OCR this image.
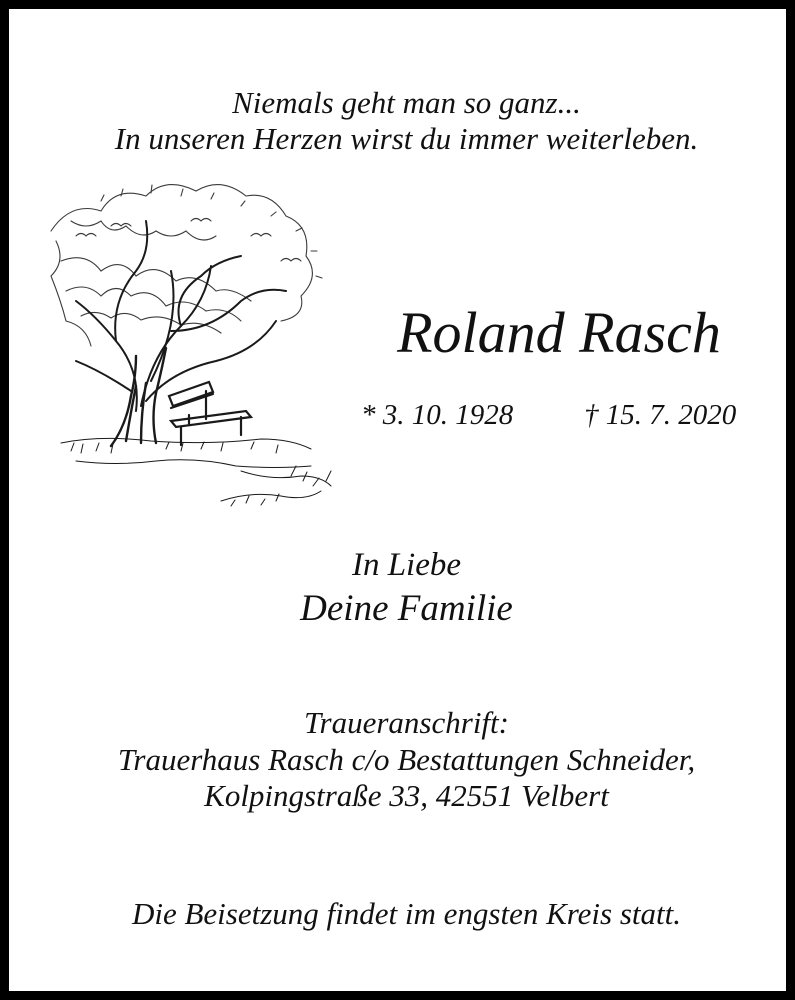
Niemals geht man so ganz...
In unseren Herzen wirst du immer weiterleben.
Roland Rasch
* 3. 10. 1928 † 15. 7. 2020
In Liebe
Deine Familie
Traueranschrift:
Trauerhaus Rasch c/o Bestattungen Schneider,
Kolpingstraße 33, 42551 Velbert
Die Beisetzung findet im engsten Kreis statt.
